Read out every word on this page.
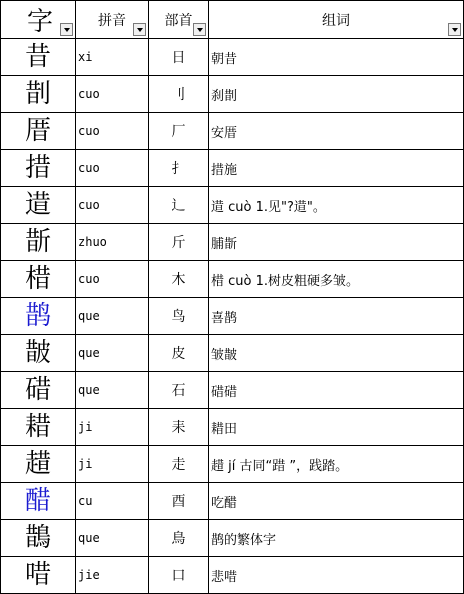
字	拼音	部首	组词

昔	xi	日	朝昔
剒	cuo	刂	刹剒
厝	cuo	厂	安厝
措	cuo	扌	措施
逪	cuo	辶	逪 cuò 1.见"?逪"。
斮	zhuo	斤	脯斮
棤	cuo	木	棤 cuò 1.树皮粗硬多皱。
鹊	que	鸟	喜鹊
皵	que	皮	皱皵
碏	que	石	碏碏
耤	ji	耒	耤田
趞	ji	走	趞 jí 古同“踖 ”，践踏。
醋	cu	酉	吃醋
鵲	que	鳥	鹊的繁体字
唶	jie	口	悲唶
